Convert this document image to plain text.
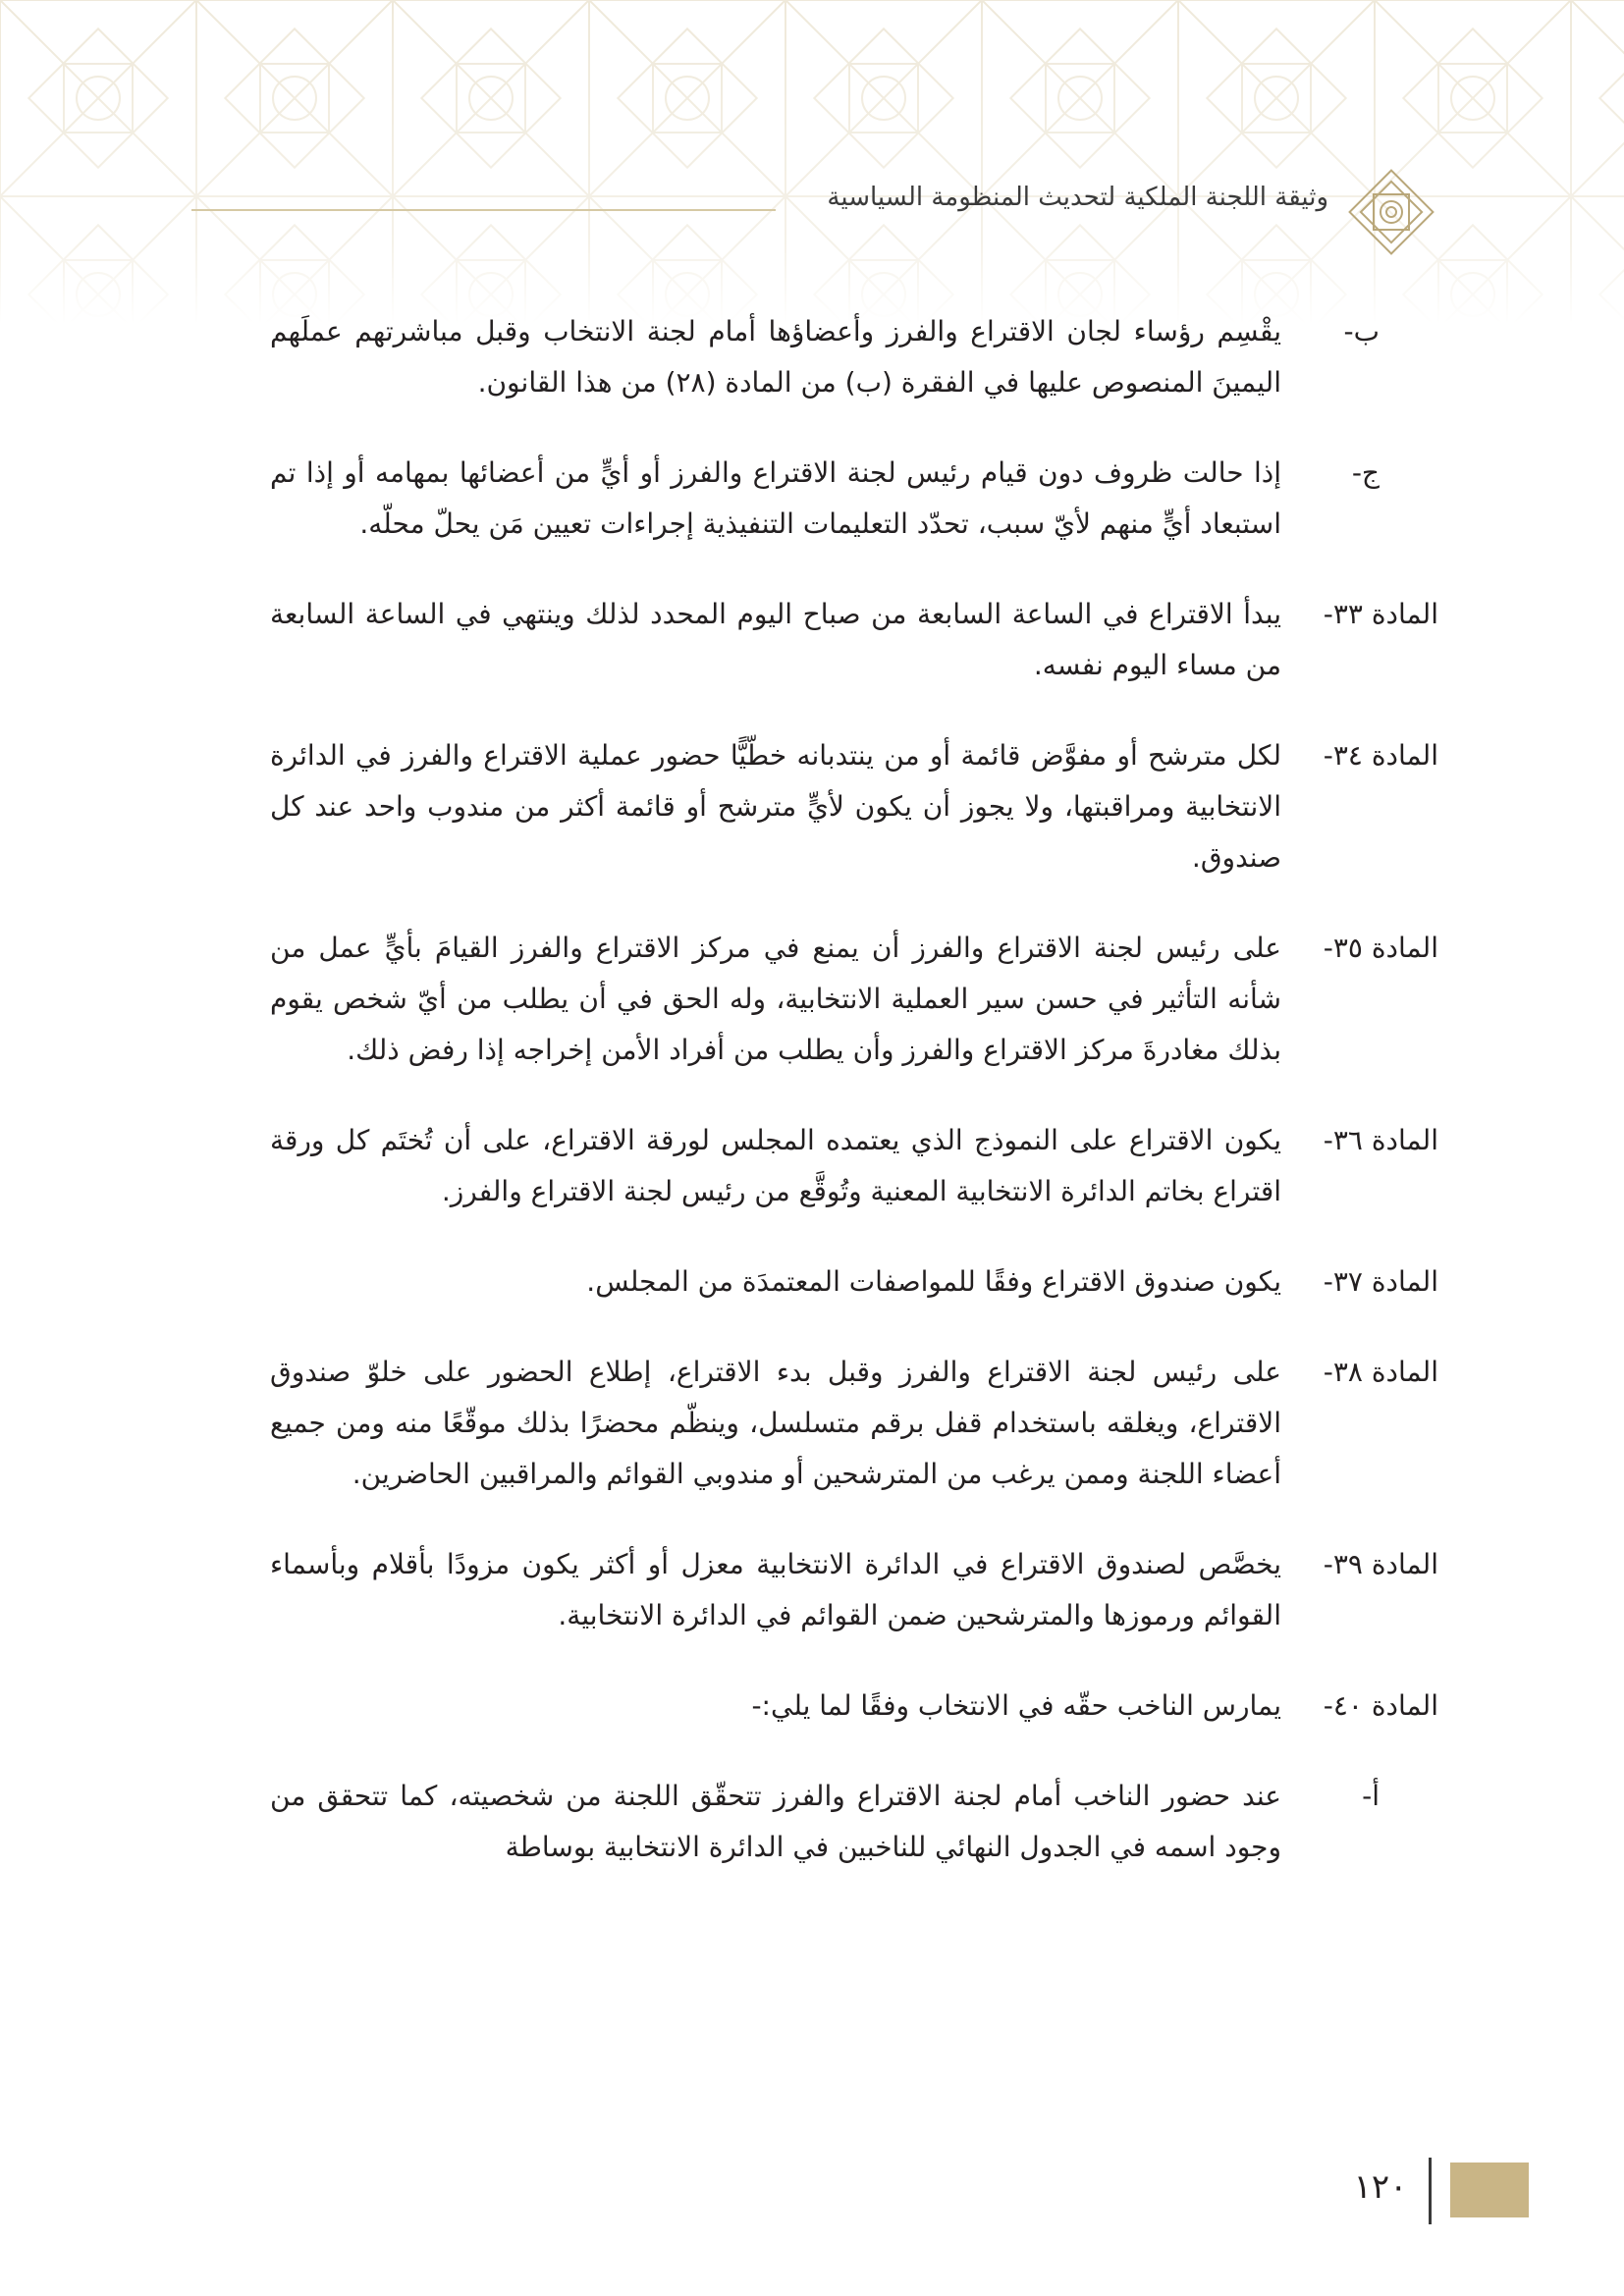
وثيقة اللجنة الملكية لتحديث المنظومة السياسية
ب-
يقْسِم رؤساء لجان الاقتراع والفرز وأعضاؤها أمام لجنة الانتخاب وقبل مباشرتهم عملَهم اليمينَ المنصوص عليها في الفقرة (ب) من المادة (٢٨) من هذا القانون.
ج-
إذا حالت ظروف دون قيام رئيس لجنة الاقتراع والفرز أو أيٍّ من أعضائها بمهامه أو إذا تم استبعاد أيٍّ منهم لأيّ سبب، تحدّد التعليمات التنفيذية إجراءات تعيين مَن يحلّ محلّه.
المادة ٣٣-
يبدأ الاقتراع في الساعة السابعة من صباح اليوم المحدد لذلك وينتهي في الساعة السابعة من مساء اليوم نفسه.
المادة ٣٤-
لكل مترشح أو مفوَّض قائمة أو من ينتدبانه خطّيًّا حضور عملية الاقتراع والفرز في الدائرة الانتخابية ومراقبتها، ولا يجوز أن يكون لأيٍّ مترشح أو قائمة أكثر من مندوب واحد عند كل صندوق.
المادة ٣٥-
على رئيس لجنة الاقتراع والفرز أن يمنع في مركز الاقتراع والفرز القيامَ بأيٍّ عمل من شأنه التأثير في حسن سير العملية الانتخابية، وله الحق في أن يطلب من أيّ شخص يقوم بذلك مغادرةَ مركز الاقتراع والفرز وأن يطلب من أفراد الأمن إخراجه إذا رفض ذلك.
المادة ٣٦-
يكون الاقتراع على النموذج الذي يعتمده المجلس لورقة الاقتراع، على أن تُختَم كل ورقة اقتراع بخاتم الدائرة الانتخابية المعنية وتُوقَّع من رئيس لجنة الاقتراع والفرز.
المادة ٣٧-
يكون صندوق الاقتراع وفقًا للمواصفات المعتمدَة من المجلس.
المادة ٣٨-
على رئيس لجنة الاقتراع والفرز وقبل بدء الاقتراع، إطلاع الحضور على خلوّ صندوق الاقتراع، ويغلقه باستخدام قفل برقم متسلسل، وينظّم محضرًا بذلك موقّعًا منه ومن جميع أعضاء اللجنة وممن يرغب من المترشحين أو مندوبي القوائم والمراقبين الحاضرين.
المادة ٣٩-
يخصَّص لصندوق الاقتراع في الدائرة الانتخابية معزل أو أكثر يكون مزودًا بأقلام وبأسماء القوائم ورموزها والمترشحين ضمن القوائم في الدائرة الانتخابية.
المادة ٤٠-
يمارس الناخب حقّه في الانتخاب وفقًا لما يلي:-
أ-
عند حضور الناخب أمام لجنة الاقتراع والفرز تتحقّق اللجنة من شخصيته، كما تتحقق من وجود اسمه في الجدول النهائي للناخبين في الدائرة الانتخابية بوساطة
١٢٠
